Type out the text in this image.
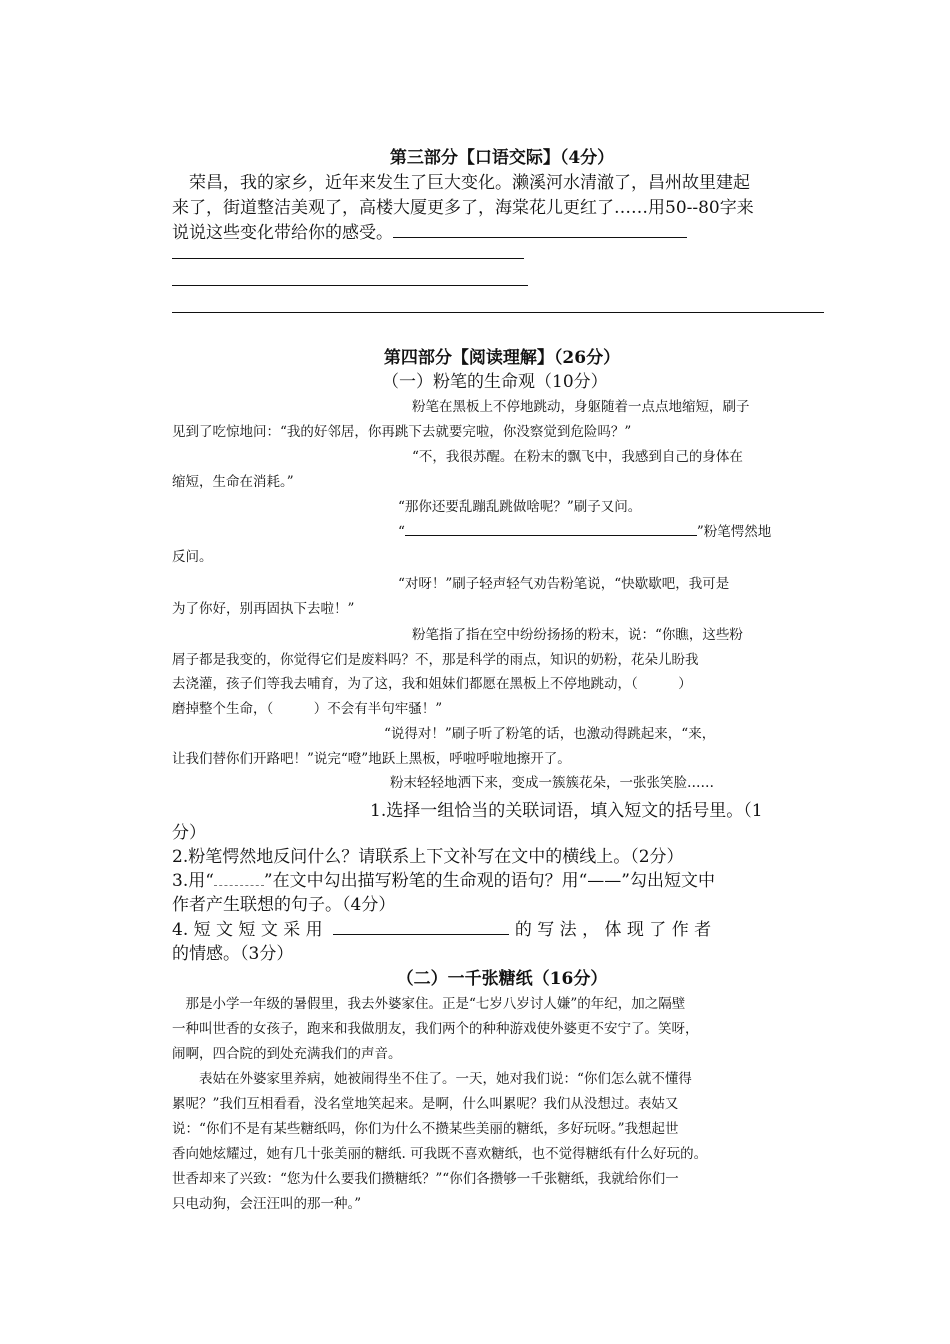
第三部分【口语交际】（4分）
　荣昌，我的家乡，近年来发生了巨大变化。濑溪河水清澈了，昌州故里建起
来了，街道整洁美观了，高楼大厦更多了，海棠花儿更红了……用50--80字来
说说这些变化带给你的感受。
第四部分【阅读理解】（26分）
（一）粉笔的生命观（10分）
粉笔在黑板上不停地跳动，身躯随着一点点地缩短，刷子
见到了吃惊地问：“我的好邻居，你再跳下去就要完啦，你没察觉到危险吗？”
“不，我很苏醒。在粉末的飘飞中，我感到自己的身体在
缩短，生命在消耗。”
“那你还要乱蹦乱跳做啥呢？”刷子又问。
“	”粉笔愕然地
反问。
“对呀！”刷子轻声轻气劝告粉笔说，“快歇歇吧，我可是
为了你好，别再固执下去啦！”
粉笔指了指在空中纷纷扬扬的粉末，说：“你瞧，这些粉
屑子都是我变的，你觉得它们是废料吗？不，那是科学的雨点，知识的奶粉，花朵儿盼我
去浇灌，孩子们等我去哺育，为了这，我和姐妹们都愿在黑板上不停地跳动，（　　　）
磨掉整个生命，（　　　）不会有半句牢骚！”
“说得对！”刷子听了粉笔的话，也激动得跳起来，“来，
让我们替你们开路吧！”说完“噔”地跃上黑板，呼啦呼啦地擦开了。
粉末轻轻地洒下来，变成一簇簇花朵，一张张笑脸……
1.选择一组恰当的关联词语，填入短文的括号里。（1
分）
2.粉笔愕然地反问什么？请联系上下文补写在文中的横线上。（2分）
3.用“	”在文中勾出描写粉笔的生命观的语句？用“——”勾出短文中
作者产生联想的句子。（4分）
4. 短 文 短 文 采 用	的 写 法 ， 体 现 了 作 者
的情感。（3分）
（二）一千张糖纸（16分）
　那是小学一年级的暑假里，我去外婆家住。正是“七岁八岁讨人嫌”的年纪，加之隔壁
一种叫世香的女孩子，跑来和我做朋友，我们两个的种种游戏使外婆更不安宁了。笑呀，
闹啊，四合院的到处充满我们的声音。
　　表姑在外婆家里养病，她被闹得坐不住了。一天，她对我们说：“你们怎么就不懂得
累呢？”我们互相看看，没名堂地笑起来。是啊，什么叫累呢？我们从没想过。表姑又
说：“你们不是有某些糖纸吗，你们为什么不攒某些美丽的糖纸，多好玩呀。”我想起世
香向她炫耀过，她有几十张美丽的糖纸. 可我既不喜欢糖纸，也不觉得糖纸有什么好玩的。
世香却来了兴致：“您为什么要我们攒糖纸？”“你们各攒够一千张糖纸，我就给你们一
只电动狗，会汪汪叫的那一种。”
